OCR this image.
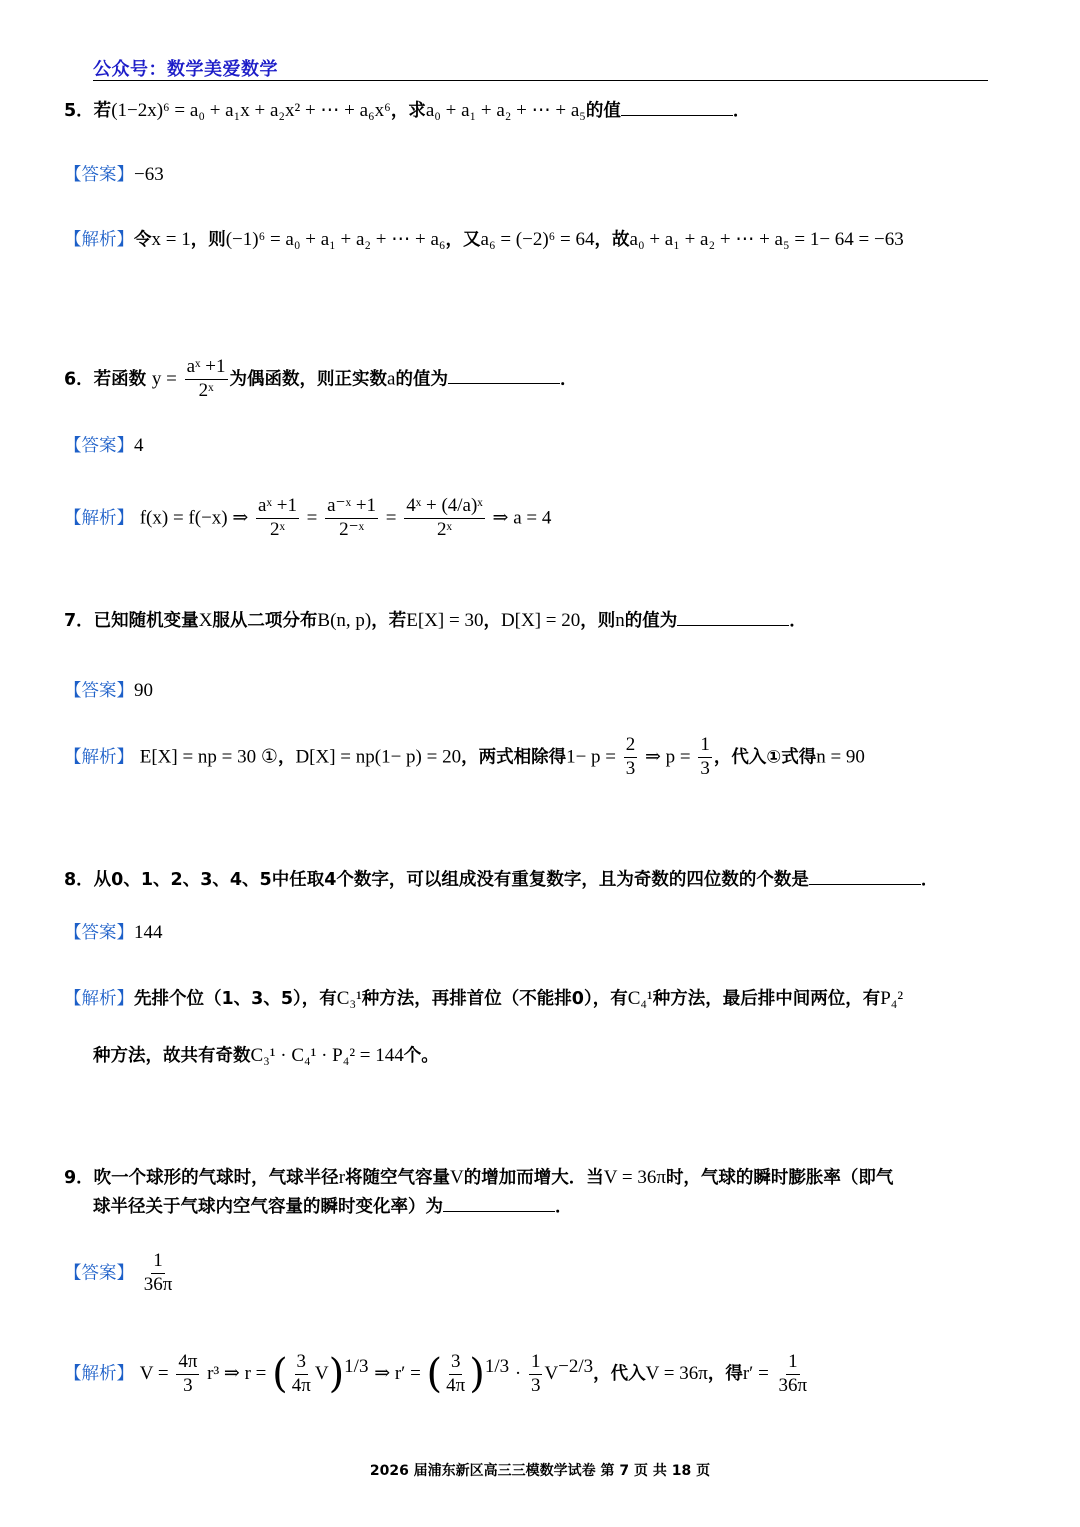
公众号：数学美爱数学
5．若(1−2x)⁶ = a₀ + a₁x + a₂x² + ⋯ + a₆x⁶，求a₀ + a₁ + a₂ + ⋯ + a₅的值	．
【答案】−63
【解析】令x = 1，则(−1)⁶ = a₀ + a₁ + a₂ + ⋯ + a₆，又a₆ = (−2)⁶ = 64，故a₀ + a₁ + a₂ + ⋯ + a₅ = 1− 64 = −63
6．若函数 $y = \frac{\text{aˣ +1}}{\text{2ˣ}}$ 为偶函数，则正实数a的值为	．
【答案】4
【解析】 f(x) = f(−x) ⇒ $\frac{\text{aˣ +1}}{\text{2ˣ}} = \frac{\text{a⁻ˣ +1}}{\text{2⁻ˣ}} = \frac{\text{4ˣ + (4/a)ˣ}}{\text{2ˣ}}$ ⇒ a = 4
7．已知随机变量X服从二项分布B(n, p)，若E[X] = 30，D[X] = 20，则n的值为	．
【答案】90
【解析】 E[X] = np = 30 ①，D[X] = np(1− p) = 20，两式相除得$1- p = \frac{2}{3}$ ⇒ $p = \frac{1}{3}$ ，代入①式得n = 90
8．从0、1、2、3、4、5中任取4个数字，可以组成没有重复数字，且为奇数的四位数的个数是	．
【答案】144
【解析】先排个位（1、3、5），有C₃¹种方法，再排首位（不能排0），有C₄¹种方法，最后排中间两位，有P₄²
种方法，故共有奇数C₃¹ · C₄¹ · P₄² = 144个。
9．吹一个球形的气球时，气球半径r将随空气容量V的增加而增大．当V = 36π时，气球的瞬时膨胀率（即气
球半径关于气球内空气容量的瞬时变化率）为	．
【答案】 $\frac{1}{36\pi}$
【解析】 $V = \frac{4\pi}{3} r^3$ ⇒ r = ( $\frac{3}{4\pi} V)^{1/3}$ ⇒ r′ = ( $\frac{3}{4\pi} )^{1/3} \cdot \frac{1}{3} V^{-2/3}$，代入V = 36π，得$r' = \frac{1}{36\pi}$
2026 届浦东新区高三三模数学试卷 第 7 页 共 18 页
